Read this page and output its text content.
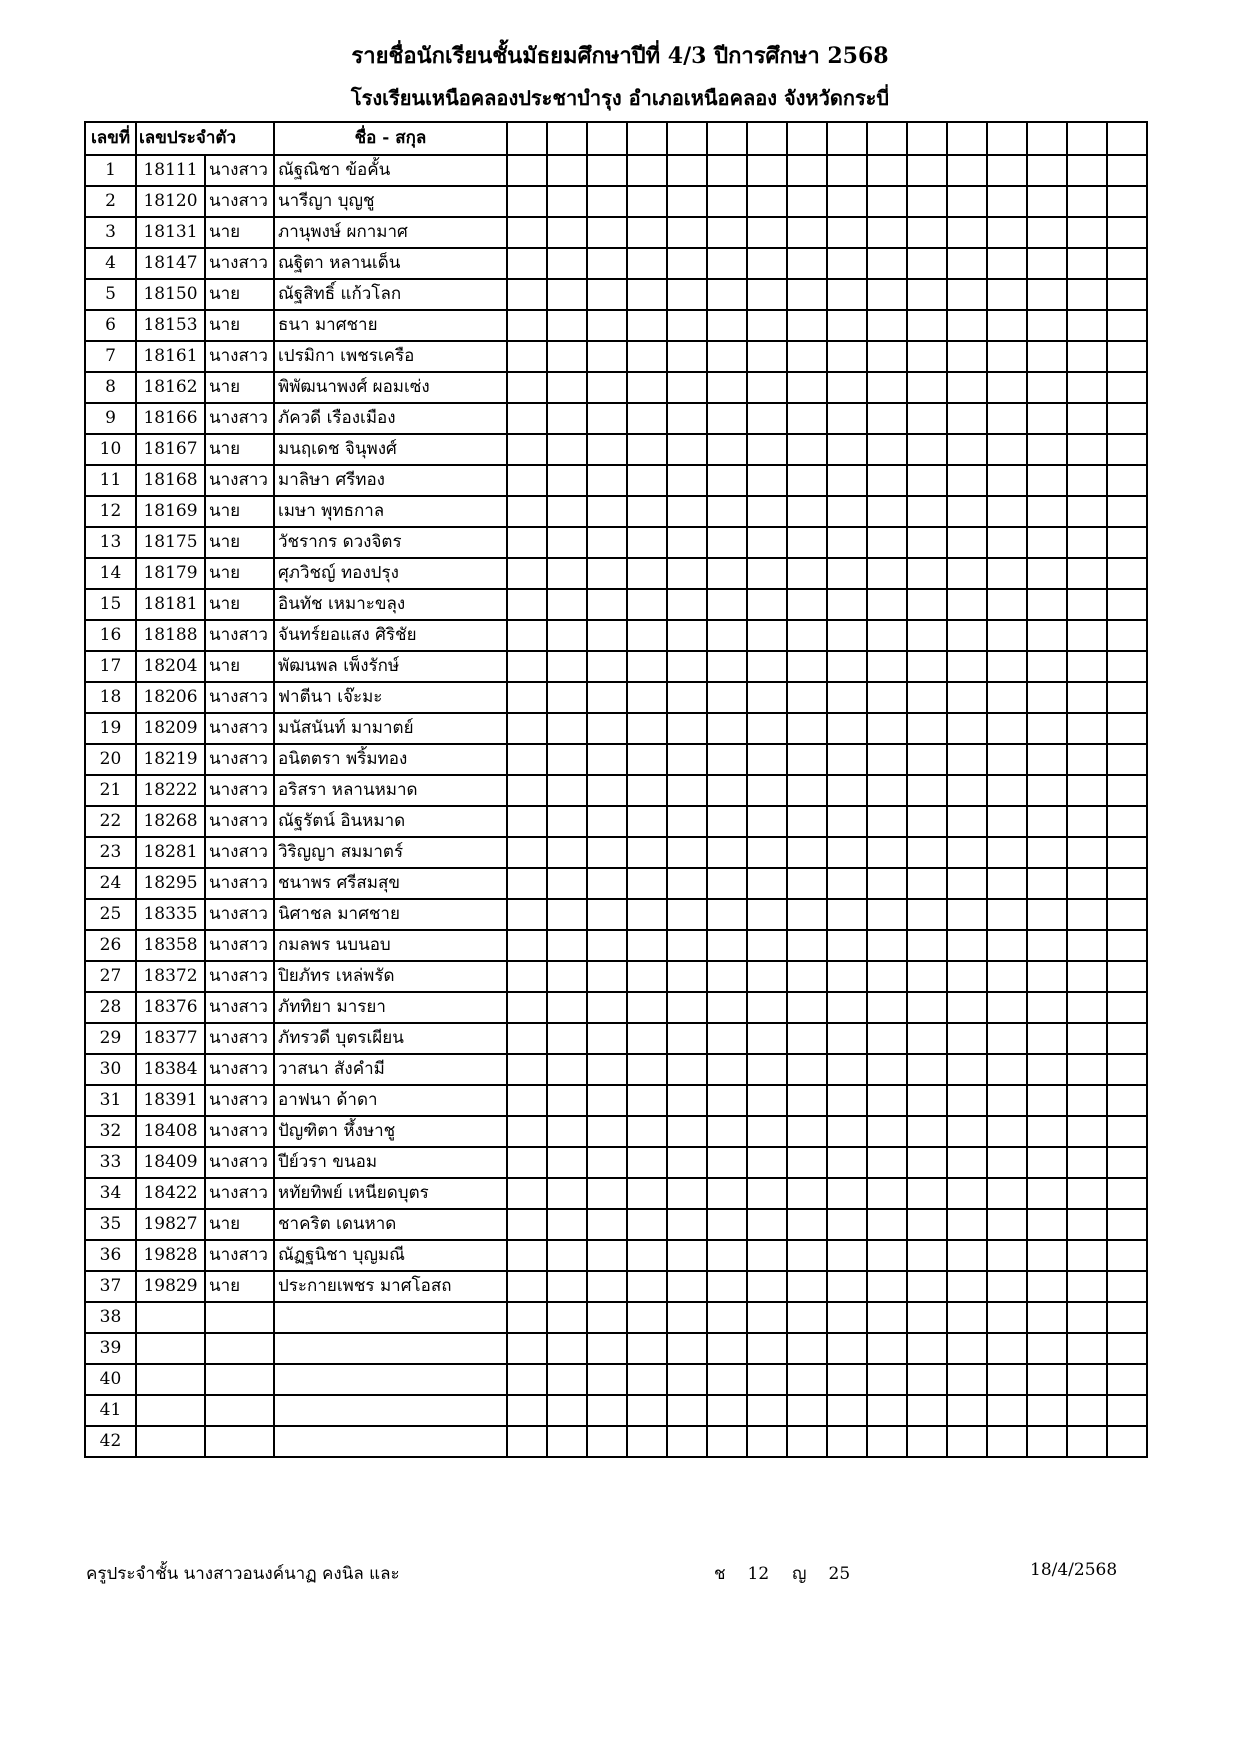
รายชื่อนักเรียนชั้นมัธยมศึกษาปีที่ 4/3 ปีการศึกษา 2568
โรงเรียนเหนือคลองประชาบำรุง อำเภอเหนือคลอง จังหวัดกระบี่
เลขที่	เลขประจำตัว		ชื่อ - สกุล																
1	18111	นางสาว	ณัฐณิชา ข้อคั้น																
2	18120	นางสาว	นารีญา บุญชู																
3	18131	นาย	ภานุพงษ์ ผกามาศ																
4	18147	นางสาว	ณฐิตา หลานเด็น																
5	18150	นาย	ณัฐสิทธิ์ แก้วโลก																
6	18153	นาย	ธนา มาศชาย																
7	18161	นางสาว	เปรมิกา เพชรเครือ																
8	18162	นาย	พิพัฒนาพงศ์ ผอมเซ่ง																
9	18166	นางสาว	ภัควดี เรืองเมือง																
10	18167	นาย	มนฤเดช จินุพงศ์																
11	18168	นางสาว	มาลิษา ศรีทอง																
12	18169	นาย	เมษา พุทธกาล																
13	18175	นาย	วัชรากร ดวงจิตร																
14	18179	นาย	ศุภวิชญ์ ทองปรุง																
15	18181	นาย	อินทัช เหมาะขลุง																
16	18188	นางสาว	จันทร์ยอแสง ศิริชัย																
17	18204	นาย	พัฒนพล เพ็งรักษ์																
18	18206	นางสาว	ฟาตีนา เจ๊ะมะ																
19	18209	นางสาว	มนัสนันท์ มามาตย์																
20	18219	นางสาว	อนิตตรา พริ้มทอง																
21	18222	นางสาว	อริสรา หลานหมาด																
22	18268	นางสาว	ณัฐรัตน์ อินหมาด																
23	18281	นางสาว	วิริญญา สมมาตร์																
24	18295	นางสาว	ชนาพร ศรีสมสุข																
25	18335	นางสาว	นิศาชล มาศชาย																
26	18358	นางสาว	กมลพร นบนอบ																
27	18372	นางสาว	ปิยภัทร เหล่พรัด																
28	18376	นางสาว	ภัททิยา มารยา																
29	18377	นางสาว	ภัทรวดี บุตรเผียน																
30	18384	นางสาว	วาสนา สังคำมี																
31	18391	นางสาว	อาฟนา ด้าดา																
32	18408	นางสาว	ปัญฑิตา หึ้งษาชู																
33	18409	นางสาว	ปีย์วรา ขนอม																
34	18422	นางสาว	หทัยทิพย์ เหนียดบุตร																
35	19827	นาย	ชาคริต เดนหาด																
36	19828	นางสาว	ณัฏฐนิชา บุญมณี																
37	19829	นาย	ประกายเพชร มาศโอสถ																
38																			
39																			
40																			
41																			
42																			
ครูประจำชั้น นางสาวอนงค์นาฏ คงนิล และ	ช 12 ญ 25	18/4/2568
